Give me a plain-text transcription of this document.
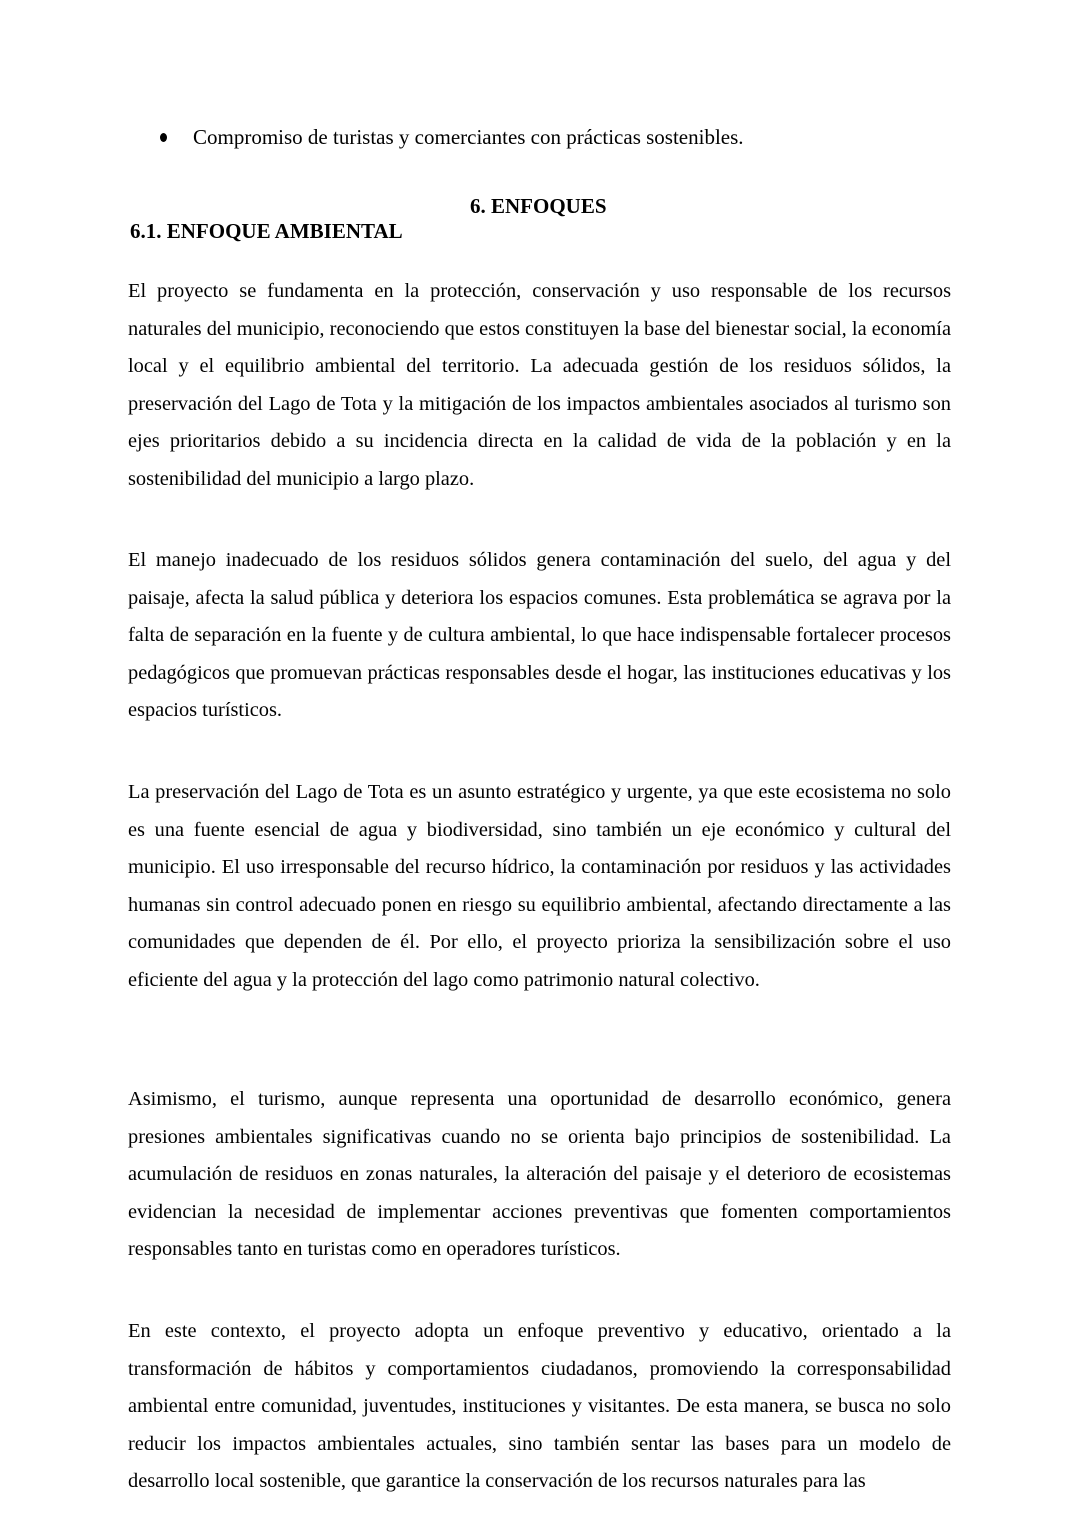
Compromiso de turistas y comerciantes con prácticas sostenibles.
6. ENFOQUES
6.1. ENFOQUE AMBIENTAL

El proyecto se fundamenta en la protección, conservación y uso responsable de los recursos naturales del municipio, reconociendo que estos constituyen la base del bienestar social, la economía local y el equilibrio ambiental del territorio. La adecuada gestión de los residuos sólidos, la preservación del Lago de Tota y la mitigación de los impactos ambientales asociados al turismo son ejes prioritarios debido a su incidencia directa en la calidad de vida de la población y en la sostenibilidad del municipio a largo plazo.

El manejo inadecuado de los residuos sólidos genera contaminación del suelo, del agua y del paisaje, afecta la salud pública y deteriora los espacios comunes. Esta problemática se agrava por la falta de separación en la fuente y de cultura ambiental, lo que hace indispensable fortalecer procesos pedagógicos que promuevan prácticas responsables desde el hogar, las instituciones educativas y los espacios turísticos.

La preservación del Lago de Tota es un asunto estratégico y urgente, ya que este ecosistema no solo es una fuente esencial de agua y biodiversidad, sino también un eje económico y cultural del municipio. El uso irresponsable del recurso hídrico, la contaminación por residuos y las actividades humanas sin control adecuado ponen en riesgo su equilibrio ambiental, afectando directamente a las comunidades que dependen de él. Por ello, el proyecto prioriza la sensibilización sobre el uso eficiente del agua y la protección del lago como patrimonio natural colectivo.

Asimismo, el turismo, aunque representa una oportunidad de desarrollo económico, genera presiones ambientales significativas cuando no se orienta bajo principios de sostenibilidad. La acumulación de residuos en zonas naturales, la alteración del paisaje y el deterioro de ecosistemas evidencian la necesidad de implementar acciones preventivas que fomenten comportamientos responsables tanto en turistas como en operadores turísticos.

En este contexto, el proyecto adopta un enfoque preventivo y educativo, orientado a la transformación de hábitos y comportamientos ciudadanos, promoviendo la corresponsabilidad ambiental entre comunidad, juventudes, instituciones y visitantes. De esta manera, se busca no solo reducir los impactos ambientales actuales, sino también sentar las bases para un modelo de desarrollo local sostenible, que garantice la conservación de los recursos naturales para las
